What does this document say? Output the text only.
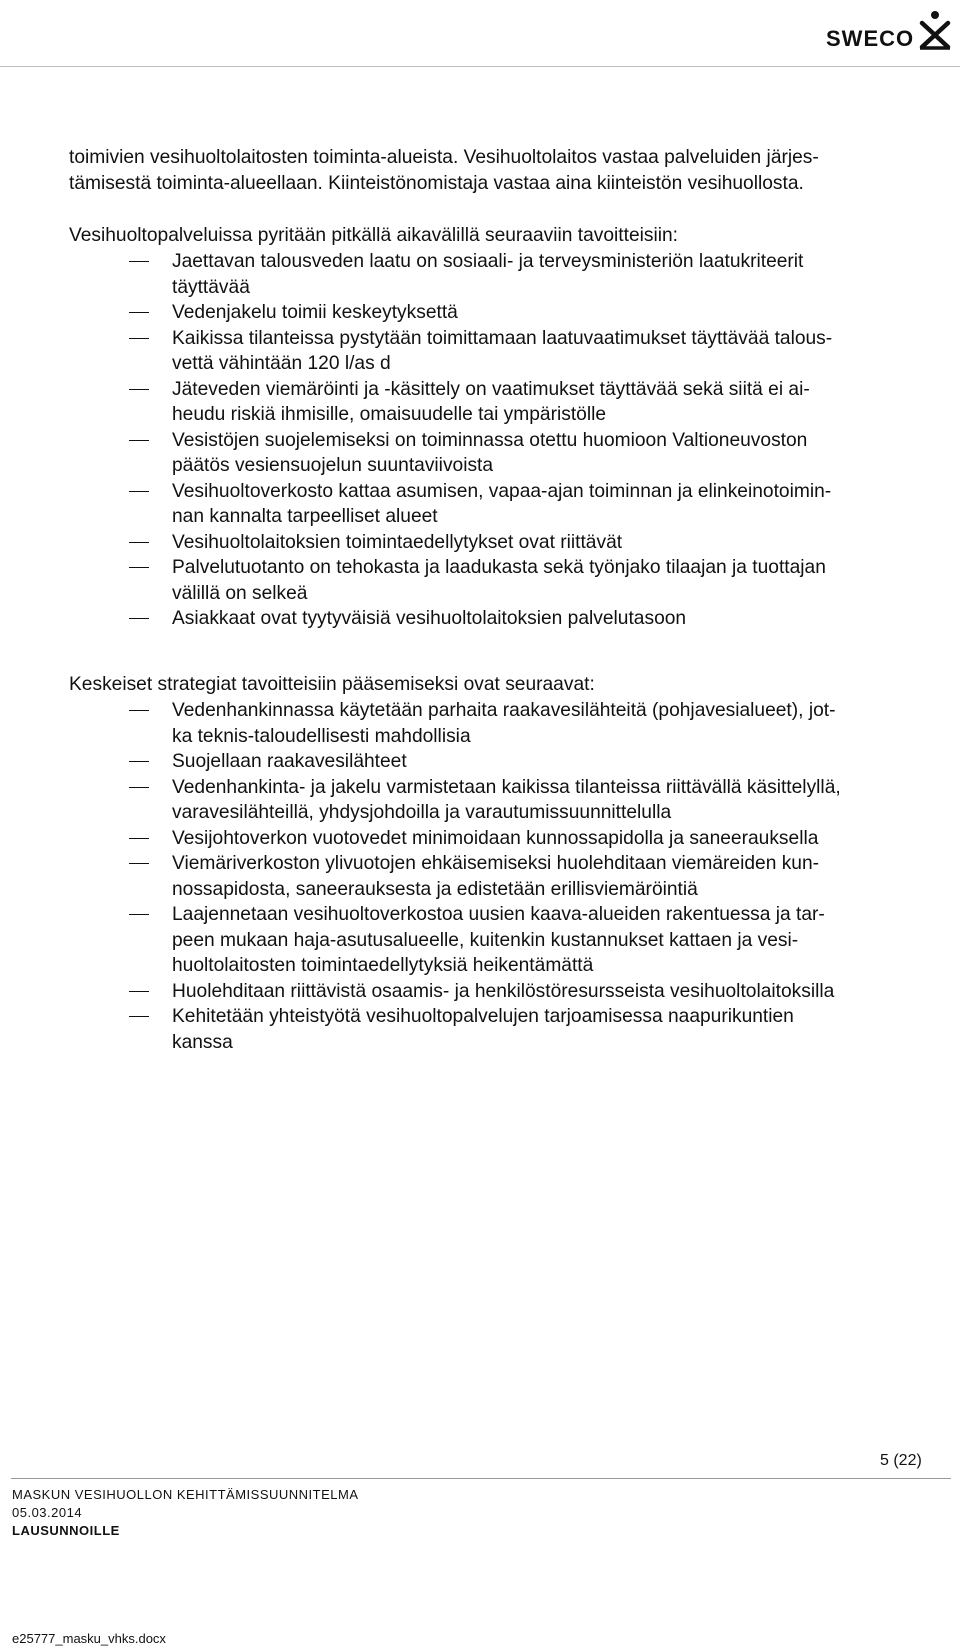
SWECO
toimivien vesihuoltolaitosten toiminta-alueista. Vesihuoltolaitos vastaa palveluiden järjes-
tämisestä toiminta-alueellaan. Kiinteistönomistaja vastaa aina kiinteistön vesihuollosta.
Vesihuoltopalveluissa pyritään pitkällä aikavälillä seuraaviin tavoitteisiin:
Jaettavan talousveden laatu on sosiaali- ja terveysministeriön laatukriteerit
täyttävää
Vedenjakelu toimii keskeytyksettä
Kaikissa tilanteissa pystytään toimittamaan laatuvaatimukset täyttävää talous-
vettä vähintään 120 l/as d
Jäteveden viemäröinti ja -käsittely on vaatimukset täyttävää sekä siitä ei ai-
heudu riskiä ihmisille, omaisuudelle tai ympäristölle
Vesistöjen suojelemiseksi on toiminnassa otettu huomioon Valtioneuvoston
päätös vesiensuojelun suuntaviivoista
Vesihuoltoverkosto kattaa asumisen, vapaa-ajan toiminnan ja elinkeinotoimin-
nan kannalta tarpeelliset alueet
Vesihuoltolaitoksien toimintaedellytykset ovat riittävät
Palvelutuotanto on tehokasta ja laadukasta sekä työnjako tilaajan ja tuottajan
välillä on selkeä
Asiakkaat ovat tyytyväisiä vesihuoltolaitoksien palvelutasoon
Keskeiset strategiat tavoitteisiin pääsemiseksi ovat seuraavat:
Vedenhankinnassa käytetään parhaita raakavesilähteitä (pohjavesialueet), jot-
ka teknis-taloudellisesti mahdollisia
Suojellaan raakavesilähteet
Vedenhankinta- ja jakelu varmistetaan kaikissa tilanteissa riittävällä käsittelyllä,
varavesilähteillä, yhdysjohdoilla ja varautumissuunnittelulla
Vesijohtoverkon vuotovedet minimoidaan kunnossapidolla ja saneerauksella
Viemäriverkoston ylivuotojen ehkäisemiseksi huolehditaan viemäreiden kun-
nossapidosta, saneerauksesta ja edistetään erillisviemäröintiä
Laajennetaan vesihuoltoverkostoa uusien kaava-alueiden rakentuessa ja tar-
peen mukaan haja-asutusalueelle, kuitenkin kustannukset kattaen ja vesi-
huoltolaitosten toimintaedellytyksiä heikentämättä
Huolehditaan riittävistä osaamis- ja henkilöstöresursseista vesihuoltolaitoksilla
Kehitetään yhteistyötä vesihuoltopalvelujen tarjoamisessa naapurikuntien
kanssa
5 (22)
MASKUN VESIHUOLLON KEHITTÄMISSUUNNITELMA
05.03.2014
LAUSUNNOILLE
e25777_masku_vhks.docx
